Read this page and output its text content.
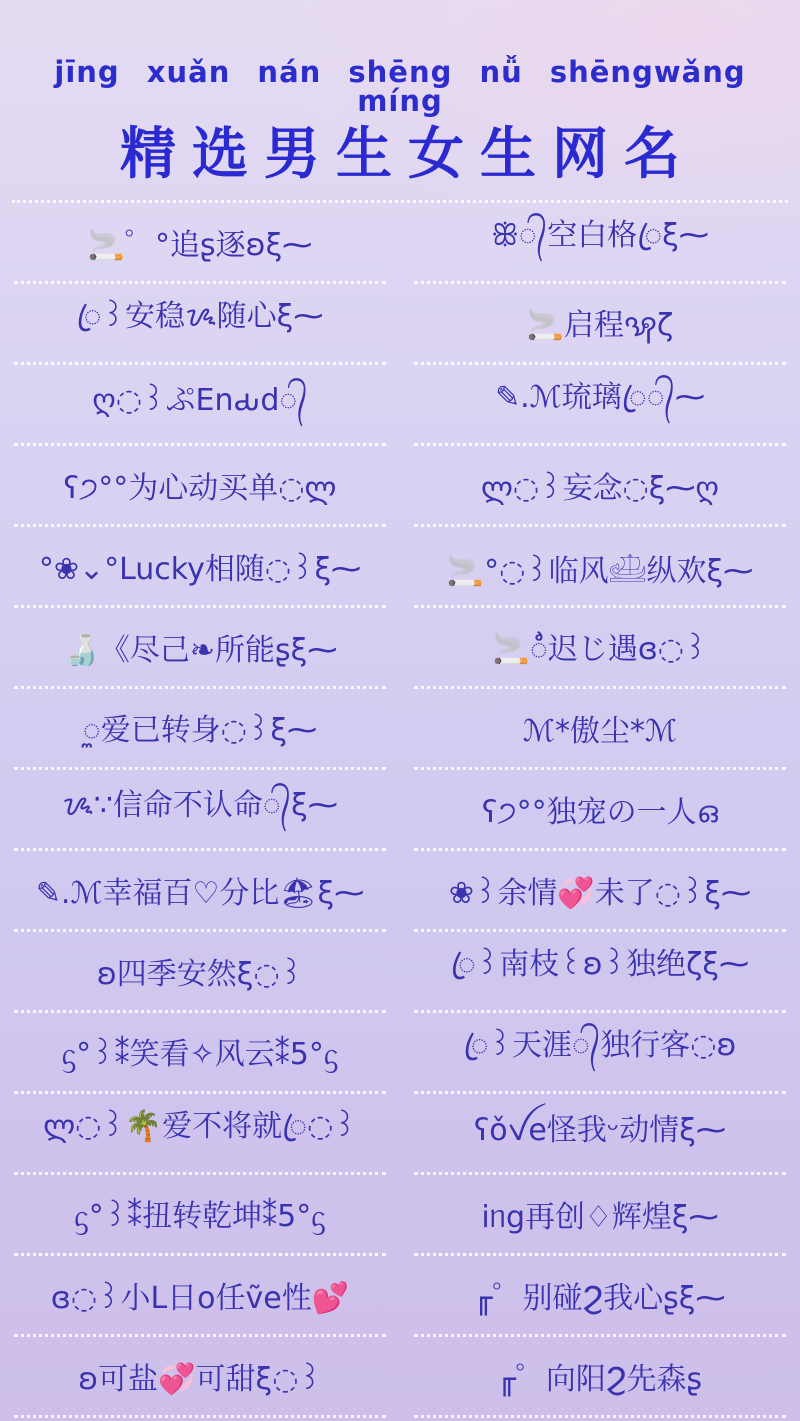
jīng xuǎn nán shēng nǚ shēngwǎng míng
精选男生女生网名
🚬゜°追ʂ逐ʚξ⁓
ꦿ꒱安稳ᝰ随心ξ⁓
ღ◌꒱ぷEnԃd᭄
ʕ੭°°为心动买单◌ლ
°❀⌄°Lucky相随◌꒱ξ⁓
🍶《尽己❧所能ʂξ⁓
ꯨ爱已转身◌꒱ξ⁓
ᝰ∵信命不认命᭄ξ⁓
✎.ℳ幸福百♡分比🏖ξ⁓
ʚ四季安然ξ◌꒱
ᦓ°꒱⁑笑看✧风云⁑5°ᦓ
ლ◌꒱🌴爱不将就ꦿ◌꒱
ᦓ°꒱⁑扭转乾坤⁑5°ᦓ
ɞ◌꒱小L日o任ṽe性💕
ʚ可盐💞可甜ξ◌꒱
ꕥ᭄空白格ꦿξ⁓
🚬启程ꩂζ
✎.ℳ琉璃ꦿ᭄⁓
ლ◌꒱妄念◌ξ⁓ღ
🚬°◌꒱临风𓊝纵欢ξ⁓
🚬ꫭ迟じ遇ɞ◌꒱
ℳ*傲尘*ℳ
ʕ੭°°独宠の一人ഒ
❀꒱余情💞未了◌꒱ξ⁓
ꦿ꒱南枝꒰ʚ꒱独绝ζξ⁓
ꦿ꒱天涯᭄独行客◌ʚ
ʕǒꪜe怪我ᵕ动情ξ⁓
iᥒg再创♢辉煌ξ⁓
╓゜别碰Ϩ我心ʂξ⁓
╓゜向阳Ϩ先森ʂ
